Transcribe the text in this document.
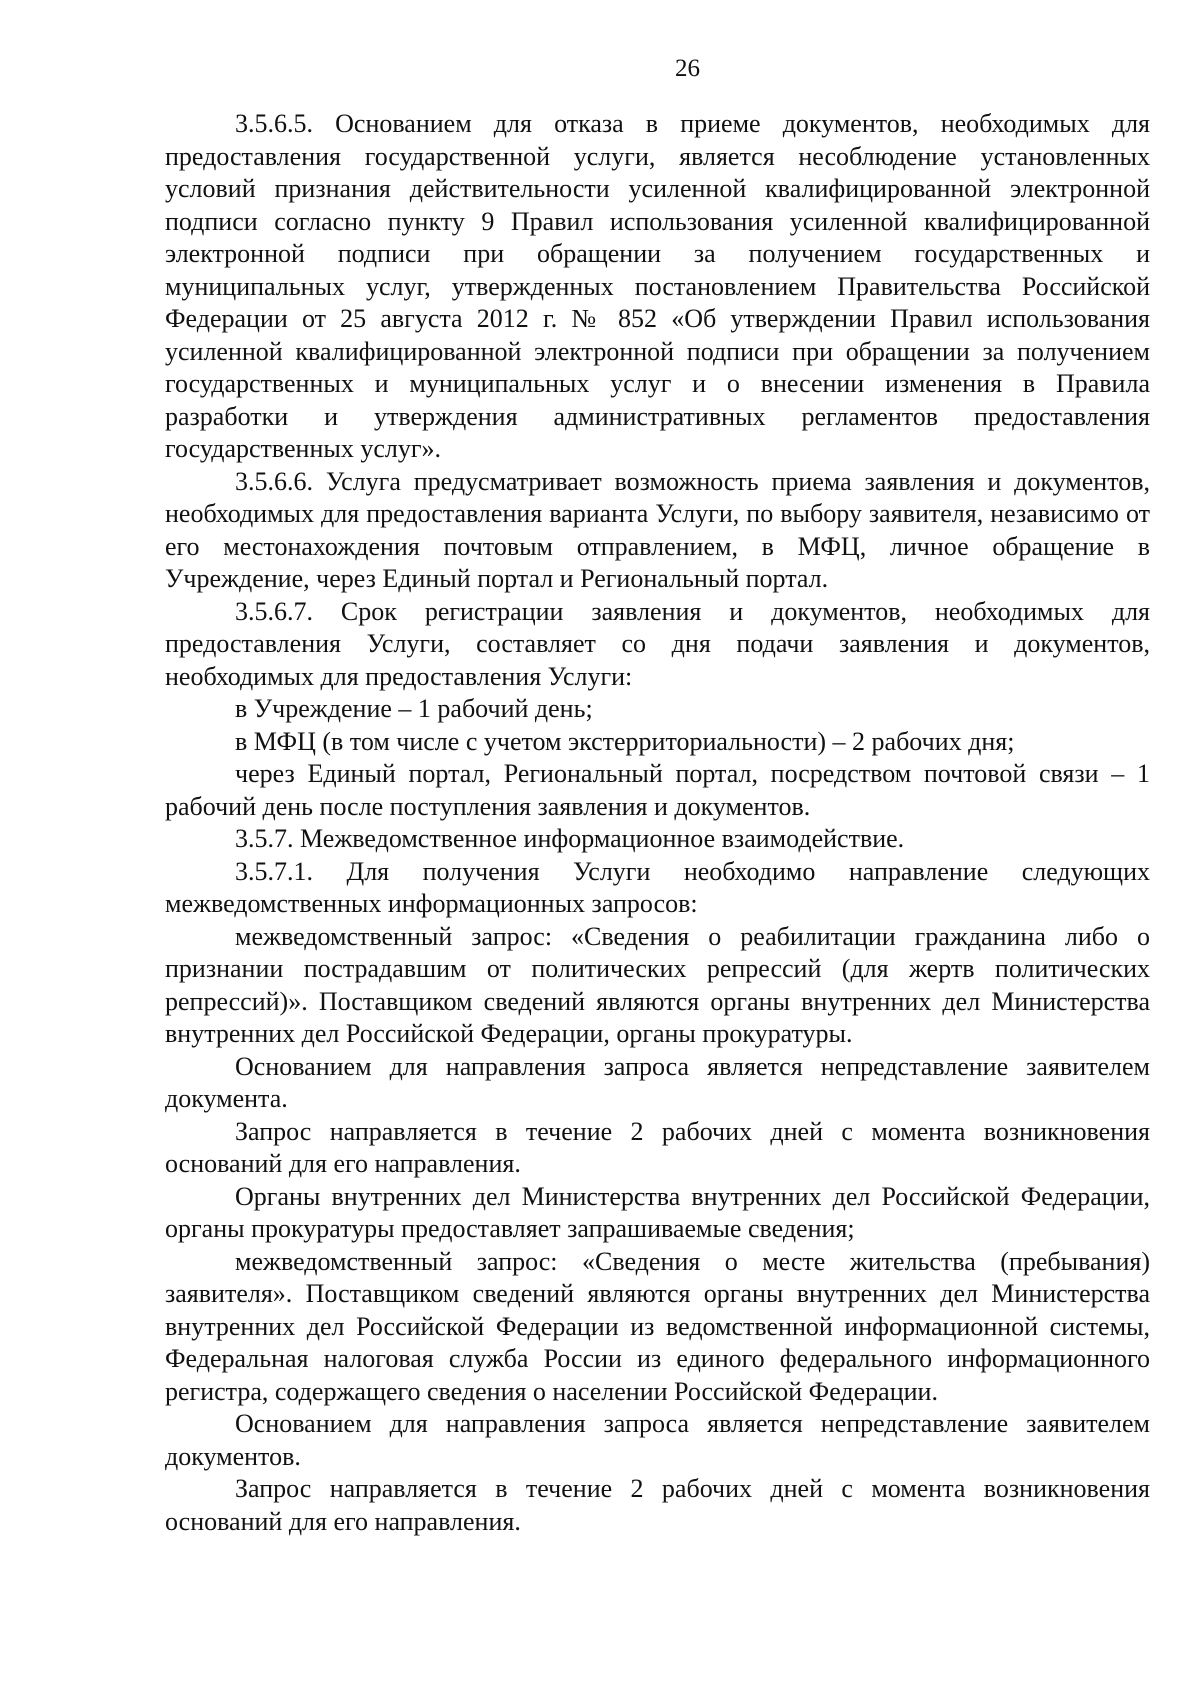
26

3.5.6.5. Основанием для отказа в приеме документов, необходимых для предоставления государственной услуги, является несоблюдение установленных условий признания действительности усиленной квалифицированной электронной подписи согласно пункту 9 Правил использования усиленной квалифицированной электронной подписи при обращении за получением государственных и муниципальных услуг, утвержденных постановлением Правительства Российской Федерации от 25 августа 2012 г. № 852 «Об утверждении Правил использования усиленной квалифицированной электронной подписи при обращении за получением государственных и муниципальных услуг и о внесении изменения в Правила разработки и утверждения административных регламентов предоставления государственных услуг».

3.5.6.6. Услуга предусматривает возможность приема заявления и документов, необходимых для предоставления варианта Услуги, по выбору заявителя, независимо от его местонахождения почтовым отправлением, в МФЦ, личное обращение в Учреждение, через Единый портал и Региональный портал.

3.5.6.7. Срок регистрации заявления и документов, необходимых для предоставления Услуги, составляет со дня подачи заявления и документов, необходимых для предоставления Услуги:

в Учреждение – 1 рабочий день;

в МФЦ (в том числе с учетом экстерриториальности) – 2 рабочих дня;

через Единый портал, Региональный портал, посредством почтовой связи – 1 рабочий день после поступления заявления и документов.

3.5.7. Межведомственное информационное взаимодействие.

3.5.7.1. Для получения Услуги необходимо направление следующих межведомственных информационных запросов:

межведомственный запрос: «Сведения о реабилитации гражданина либо о признании пострадавшим от политических репрессий (для жертв политических репрессий)». Поставщиком сведений являются органы внутренних дел Министерства внутренних дел Российской Федерации, органы прокуратуры.

Основанием для направления запроса является непредставление заявителем документа.

Запрос направляется в течение 2 рабочих дней с момента возникновения оснований для его направления.

Органы внутренних дел Министерства внутренних дел Российской Федерации, органы прокуратуры предоставляет запрашиваемые сведения;

межведомственный запрос: «Сведения о месте жительства (пребывания) заявителя». Поставщиком сведений являются органы внутренних дел Министерства внутренних дел Российской Федерации из ведомственной информационной системы, Федеральная налоговая служба России из единого федерального информационного регистра, содержащего сведения о населении Российской Федерации.

Основанием для направления запроса является непредставление заявителем документов.

Запрос направляется в течение 2 рабочих дней с момента возникновения оснований для его направления.
